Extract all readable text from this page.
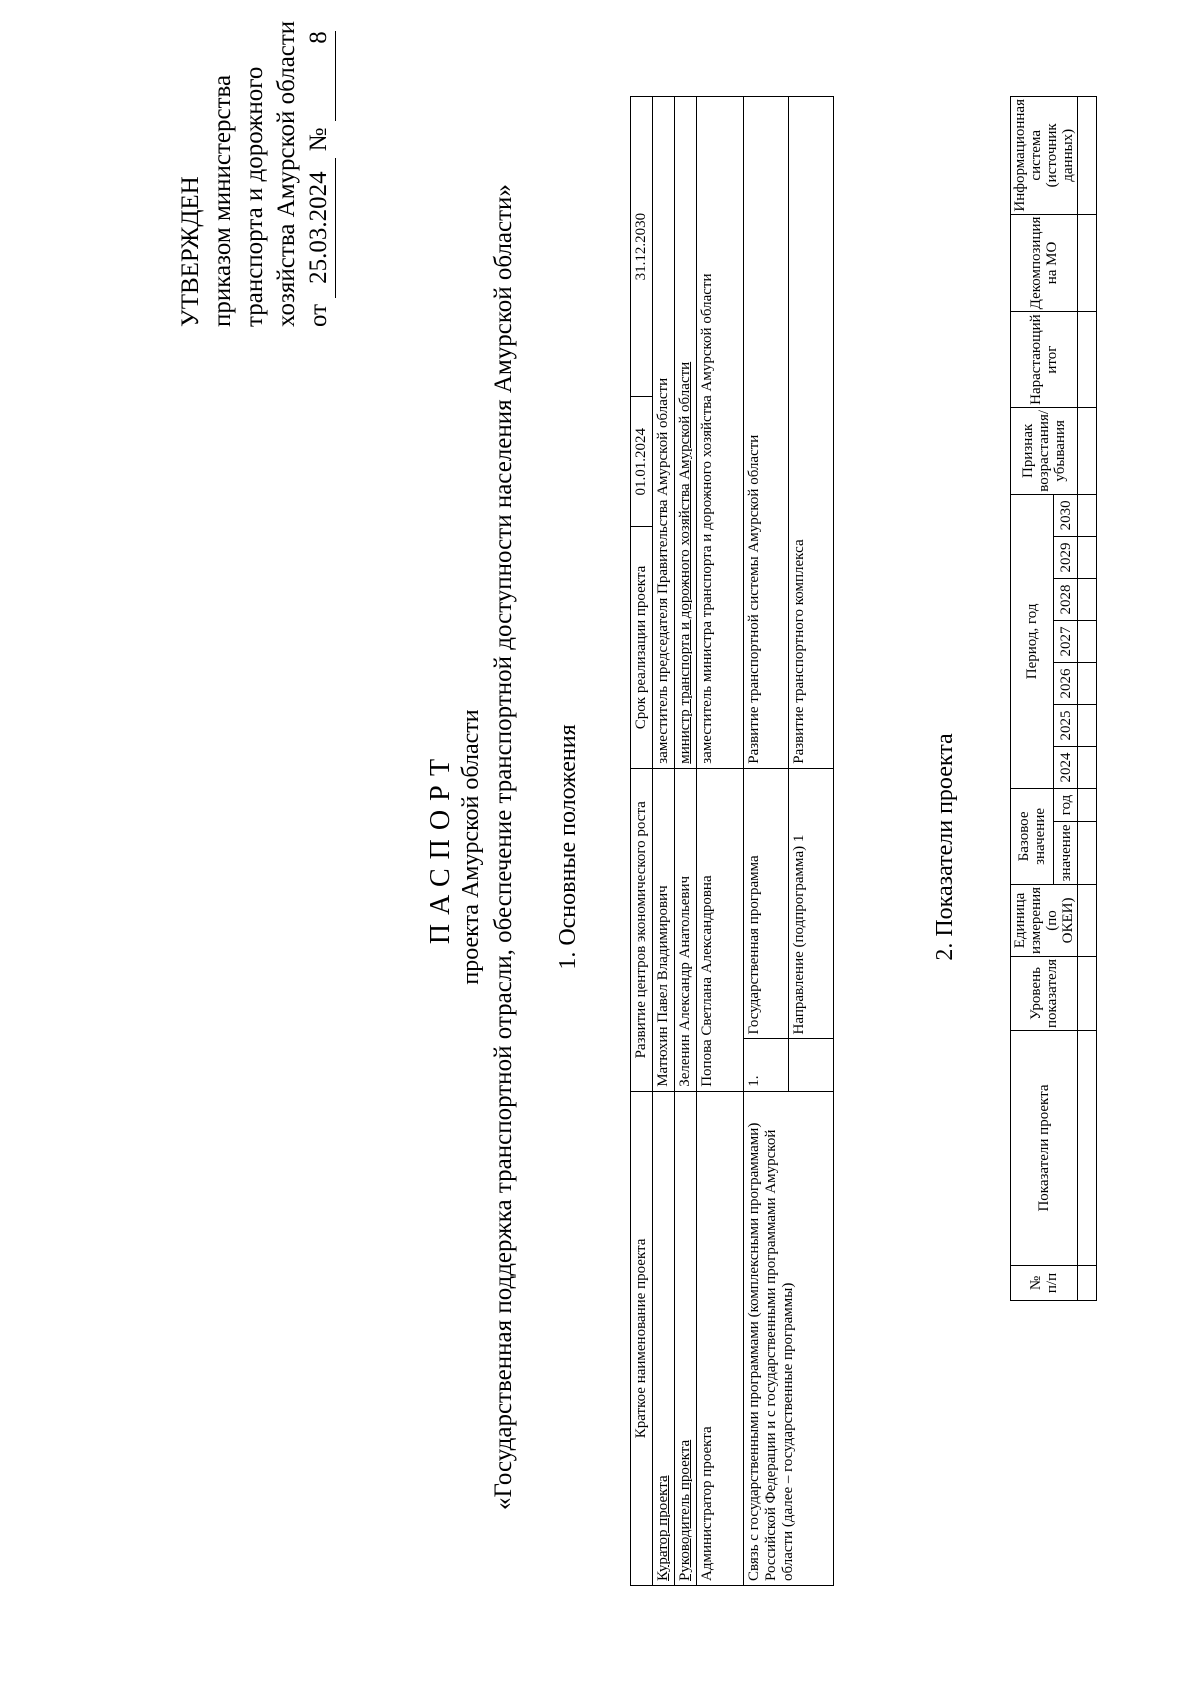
УТВЕРЖДЕН приказом министерства транспорта и дорожного хозяйства Амурской области от 25.03.2024 № 8
ПАСПОРТ проекта Амурской области «Государственная поддержка транспортной отрасли, обеспечение транспортной доступности населения Амурской области» 1. Основные положения
Краткое наименование проекта	Развитие центров экономического роста		Срок реализации проекта	01.01.2024	31.12.2030
Куратор проекта	Матюхин Павел Владимирович		заместитель председателя Правительства Амурской области		
Руководитель проекта	Зеленин Александр Анатольевич		министр транспорта и дорожного хозяйства Амурской области		
Администратор проекта	Попова Светлана Александровна		заместитель министра транспорта и дорожного хозяйства Амурской области		
Связь с государственными программами (комплексными программами) Российской Федерации и с государственными программами Амурской области (далее – государственные программы)	1.	Государственная программа	Развитие транспортной системы Амурской области		
		Направление (подпрограмма) 1	Развитие транспортного комплекса		
2. Показатели проекта
№ п/п	Показатели проекта	Уровень показателя	Единица измерения (по ОКЕИ)	Базовое значение		Период, год							Признак возрастания/ убывания	Нарастающий итог	Декомпозиция на МО	Информационная система (источник данных)
				значение	год	2024	2025	2026	2027	2028	2029	2030				
